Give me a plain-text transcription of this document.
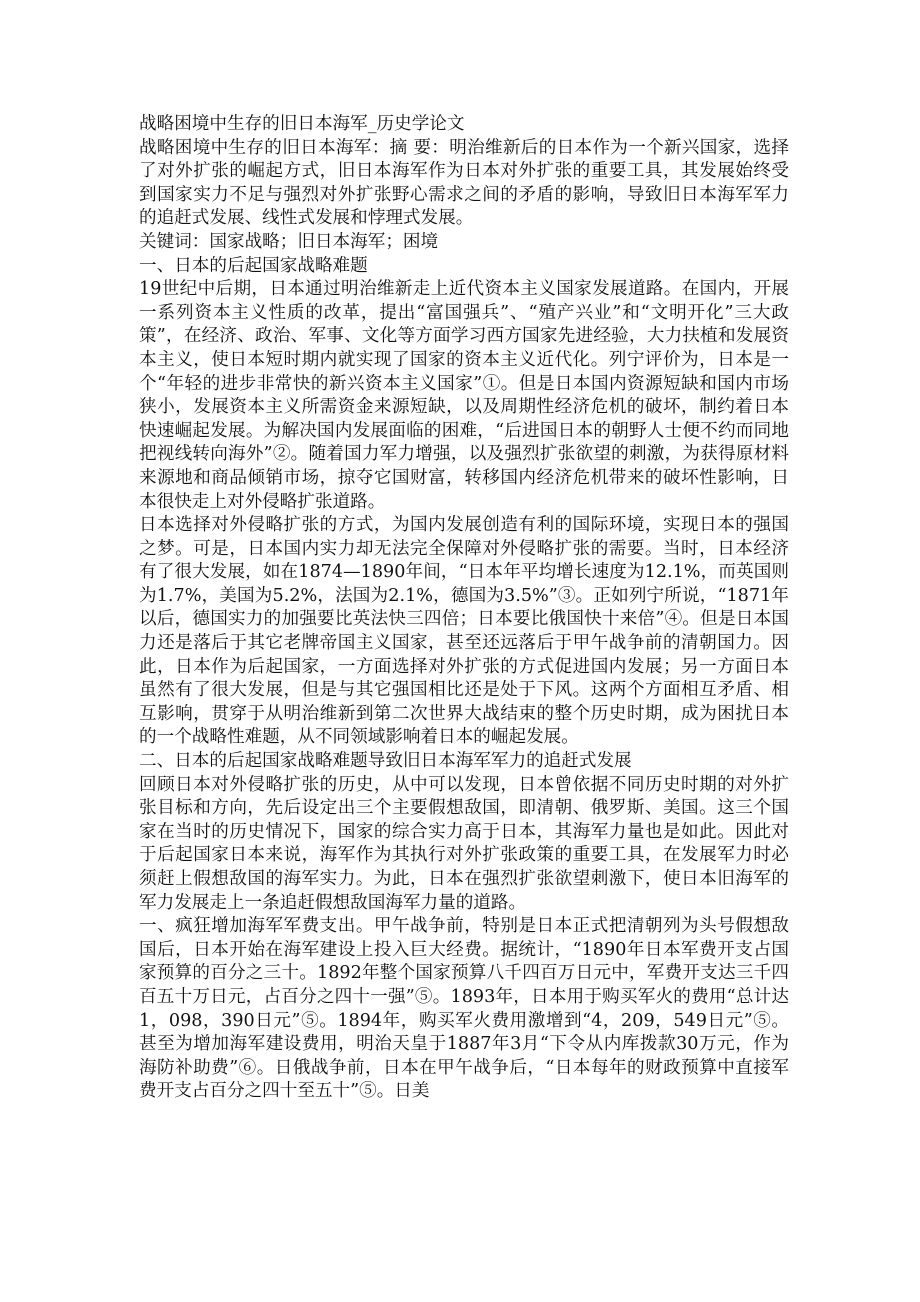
战略困境中生存的旧日本海军_历史学论文

战略困境中生存的旧日本海军：摘 要：明治维新后的日本作为一个新兴国家，选择了对外扩张的崛起方式，旧日本海军作为日本对外扩张的重要工具，其发展始终受到国家实力不足与强烈对外扩张野心需求之间的矛盾的影响，导致旧日本海军军力的追赶式发展、线性式发展和悖理式发展。

关键词：国家战略；旧日本海军；困境

一、日本的后起国家战略难题

19世纪中后期，日本通过明治维新走上近代资本主义国家发展道路。在国内，开展一系列资本主义性质的改革，提出“富国强兵”、“殖产兴业”和“文明开化”三大政策”，在经济、政治、军事、文化等方面学习西方国家先进经验，大力扶植和发展资本主义，使日本短时期内就实现了国家的资本主义近代化。列宁评价为，日本是一个“年轻的进步非常快的新兴资本主义国家”①。但是日本国内资源短缺和国内市场狭小，发展资本主义所需资金来源短缺，以及周期性经济危机的破坏，制约着日本快速崛起发展。为解决国内发展面临的困难，“后进国日本的朝野人士便不约而同地把视线转向海外”②。随着国力军力增强，以及强烈扩张欲望的刺激，为获得原材料来源地和商品倾销市场，掠夺它国财富，转移国内经济危机带来的破坏性影响，日本很快走上对外侵略扩张道路。

日本选择对外侵略扩张的方式，为国内发展创造有利的国际环境，实现日本的强国之梦。可是，日本国内实力却无法完全保障对外侵略扩张的需要。当时，日本经济有了很大发展，如在1874—1890年间，“日本年平均增长速度为12.1%，而英国则为1.7%，美国为5.2%，法国为2.1%，德国为3.5%”③。正如列宁所说，“1871年以后，德国实力的加强要比英法快三四倍；日本要比俄国快十来倍”④。但是日本国力还是落后于其它老牌帝国主义国家，甚至还远落后于甲午战争前的清朝国力。因此，日本作为后起国家，一方面选择对外扩张的方式促进国内发展；另一方面日本虽然有了很大发展，但是与其它强国相比还是处于下风。这两个方面相互矛盾、相互影响，贯穿于从明治维新到第二次世界大战结束的整个历史时期，成为困扰日本的一个战略性难题，从不同领域影响着日本的崛起发展。

二、日本的后起国家战略难题导致旧日本海军军力的追赶式发展

回顾日本对外侵略扩张的历史，从中可以发现，日本曾依据不同历史时期的对外扩张目标和方向，先后设定出三个主要假想敌国，即清朝、俄罗斯、美国。这三个国家在当时的历史情况下，国家的综合实力高于日本，其海军力量也是如此。因此对于后起国家日本来说，海军作为其执行对外扩张政策的重要工具，在发展军力时必须赶上假想敌国的海军实力。为此，日本在强烈扩张欲望刺激下，使日本旧海军的军力发展走上一条追赶假想敌国海军力量的道路。

一、疯狂增加海军军费支出。甲午战争前，特别是日本正式把清朝列为头号假想敌国后，日本开始在海军建设上投入巨大经费。据统计，“1890年日本军费开支占国家预算的百分之三十。1892年整个国家预算八千四百万日元中，军费开支达三千四百五十万日元，占百分之四十一强”⑤。1893年，日本用于购买军火的费用“总计达1，098，390日元”⑤。1894年，购买军火费用激增到“4，209，549日元”⑤。甚至为增加海军建设费用，明治天皇于1887年3月“下令从内库拨款30万元，作为海防补助费”⑥。日俄战争前，日本在甲午战争后，“日本每年的财政预算中直接军费开支占百分之四十至五十”⑤。日美
